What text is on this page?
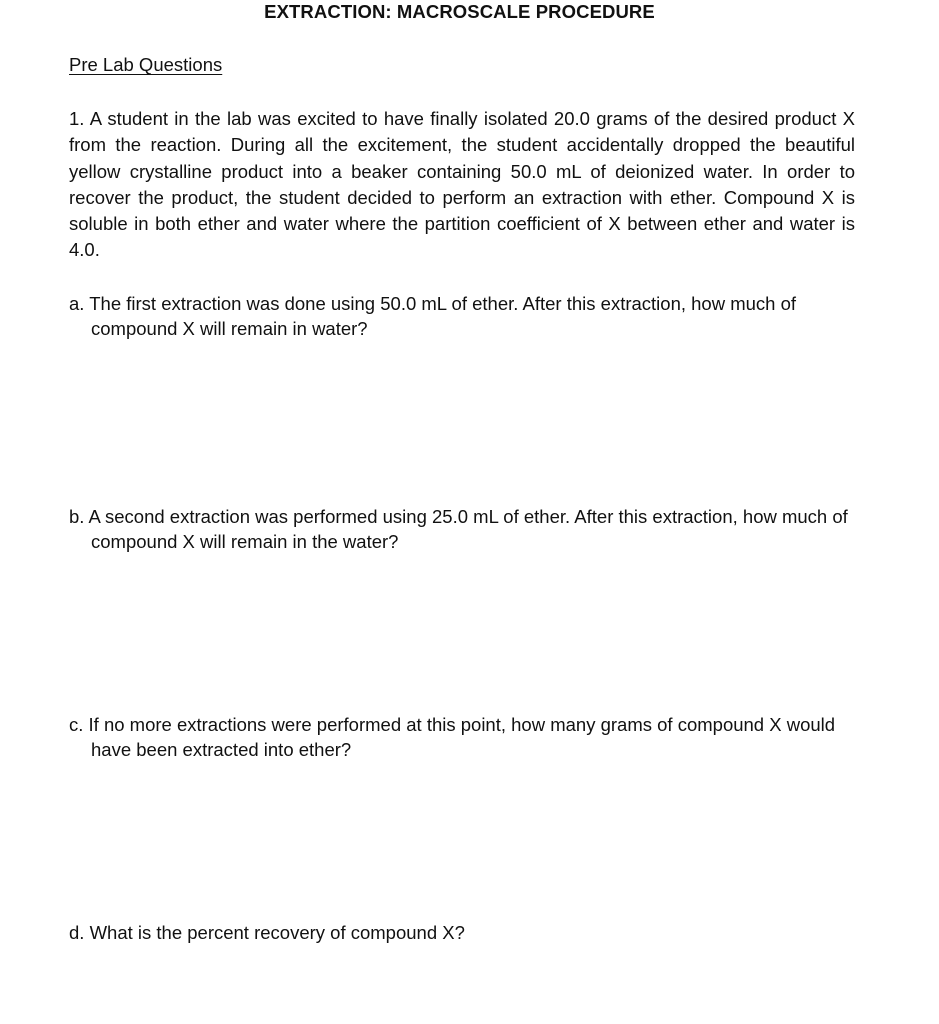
EXTRACTION: MACROSCALE PROCEDURE
Pre Lab Questions

1. A student in the lab was excited to have finally isolated 20.0 grams of the desired product X from the reaction. During all the excitement, the student accidentally dropped the beautiful yellow crystalline product into a beaker containing 50.0 mL of deionized water. In order to recover the product, the student decided to perform an extraction with ether. Compound X is soluble in both ether and water where the partition coefficient of X between ether and water is 4.0.

a. The first extraction was done using 50.0 mL of ether. After this extraction, how much of compound X will remain in water?

b. A second extraction was performed using 25.0 mL of ether. After this extraction, how much of compound X will remain in the water?

c. If no more extractions were performed at this point, how many grams of compound X would have been extracted into ether?

d. What is the percent recovery of compound X?
